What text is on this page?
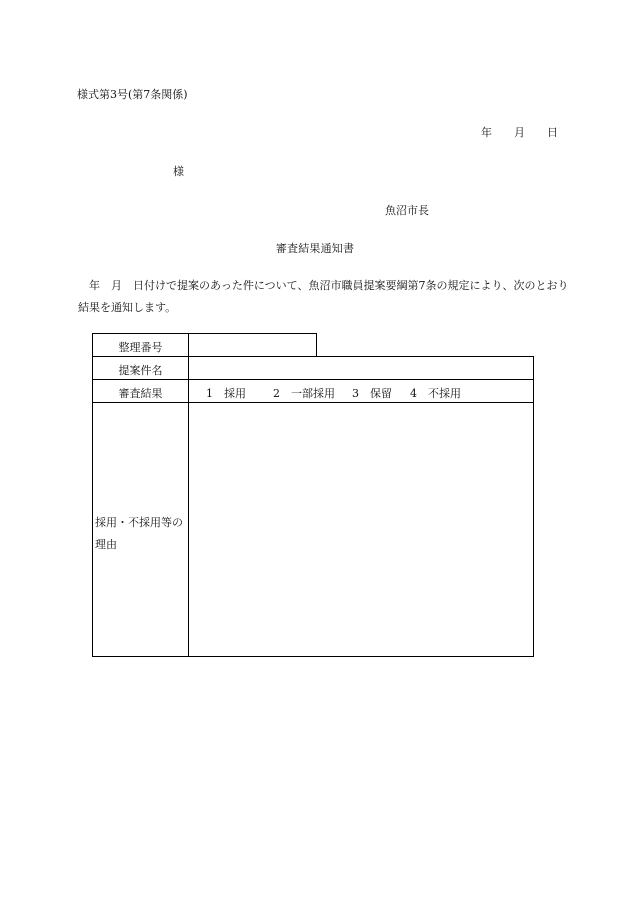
様式第3号(第7条関係)
年 月 日
様
魚沼市長
審査結果通知書
年　月　日付けで提案のあった件について、魚沼市職員提案要綱第7条の規定により、次のとおり結果を通知します。
整理番号
提案件名
審査結果	1　 採用 2　 一部採用 3　 保留 4　 不採用
採用・不採用等の理由
